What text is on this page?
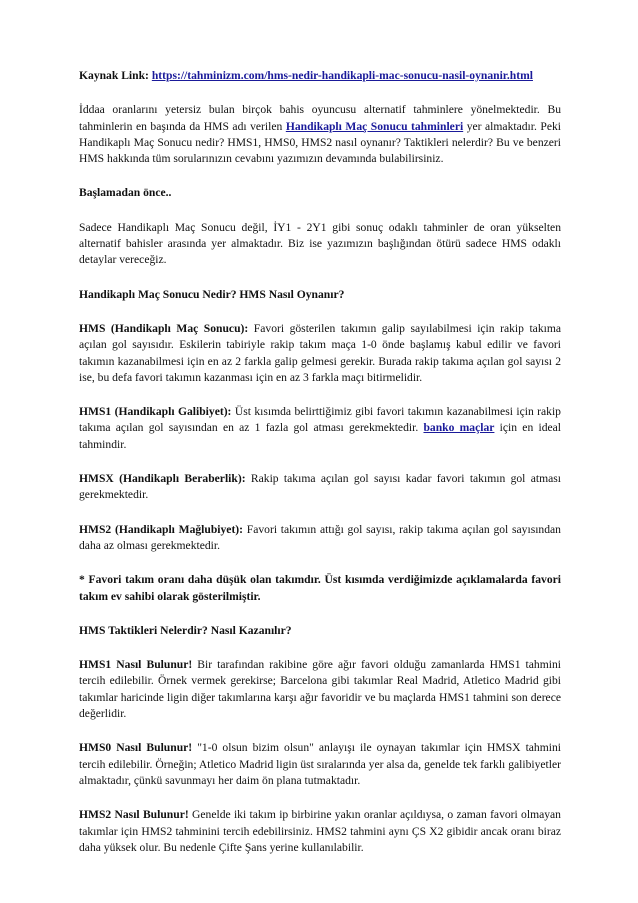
Kaynak Link: https://tahminizm.com/hms-nedir-handikapli-mac-sonucu-nasil-oynanir.html

İddaa oranlarını yetersiz bulan birçok bahis oyuncusu alternatif tahminlere yönelmektedir. Bu tahminlerin en başında da HMS adı verilen Handikaplı Maç Sonucu tahminleri yer almaktadır. Peki Handikaplı Maç Sonucu nedir? HMS1, HMS0, HMS2 nasıl oynanır? Taktikleri nelerdir? Bu ve benzeri HMS hakkında tüm sorularınızın cevabını yazımızın devamında bulabilirsiniz.

Başlamadan önce..

Sadece Handikaplı Maç Sonucu değil, İY1 - 2Y1 gibi sonuç odaklı tahminler de oran yükselten alternatif bahisler arasında yer almaktadır. Biz ise yazımızın başlığından ötürü sadece HMS odaklı detaylar vereceğiz.

Handikaplı Maç Sonucu Nedir? HMS Nasıl Oynanır?

HMS (Handikaplı Maç Sonucu): Favori gösterilen takımın galip sayılabilmesi için rakip takıma açılan gol sayısıdır. Eskilerin tabiriyle rakip takım maça 1-0 önde başlamış kabul edilir ve favori takımın kazanabilmesi için en az 2 farkla galip gelmesi gerekir. Burada rakip takıma açılan gol sayısı 2 ise, bu defa favori takımın kazanması için en az 3 farkla maçı bitirmelidir.

HMS1 (Handikaplı Galibiyet): Üst kısımda belirttiğimiz gibi favori takımın kazanabilmesi için rakip takıma açılan gol sayısından en az 1 fazla gol atması gerekmektedir. banko maçlar için en ideal tahmindir.

HMSX (Handikaplı Beraberlik): Rakip takıma açılan gol sayısı kadar favori takımın gol atması gerekmektedir.

HMS2 (Handikaplı Mağlubiyet): Favori takımın attığı gol sayısı, rakip takıma açılan gol sayısından daha az olması gerekmektedir.

* Favori takım oranı daha düşük olan takımdır. Üst kısımda verdiğimizde açıklamalarda favori takım ev sahibi olarak gösterilmiştir.

HMS Taktikleri Nelerdir? Nasıl Kazanılır?

HMS1 Nasıl Bulunur! Bir tarafından rakibine göre ağır favori olduğu zamanlarda HMS1 tahmini tercih edilebilir. Örnek vermek gerekirse; Barcelona gibi takımlar Real Madrid, Atletico Madrid gibi takımlar haricinde ligin diğer takımlarına karşı ağır favoridir ve bu maçlarda HMS1 tahmini son derece değerlidir.

HMS0 Nasıl Bulunur! "1-0 olsun bizim olsun" anlayışı ile oynayan takımlar için HMSX tahmini tercih edilebilir. Örneğin; Atletico Madrid ligin üst sıralarında yer alsa da, genelde tek farklı galibiyetler almaktadır, çünkü savunmayı her daim ön plana tutmaktadır.

HMS2 Nasıl Bulunur! Genelde iki takım ip birbirine yakın oranlar açıldıysa, o zaman favori olmayan takımlar için HMS2 tahminini tercih edebilirsiniz. HMS2 tahmini aynı ÇS X2 gibidir ancak oranı biraz daha yüksek olur. Bu nedenle Çifte Şans yerine kullanılabilir.
